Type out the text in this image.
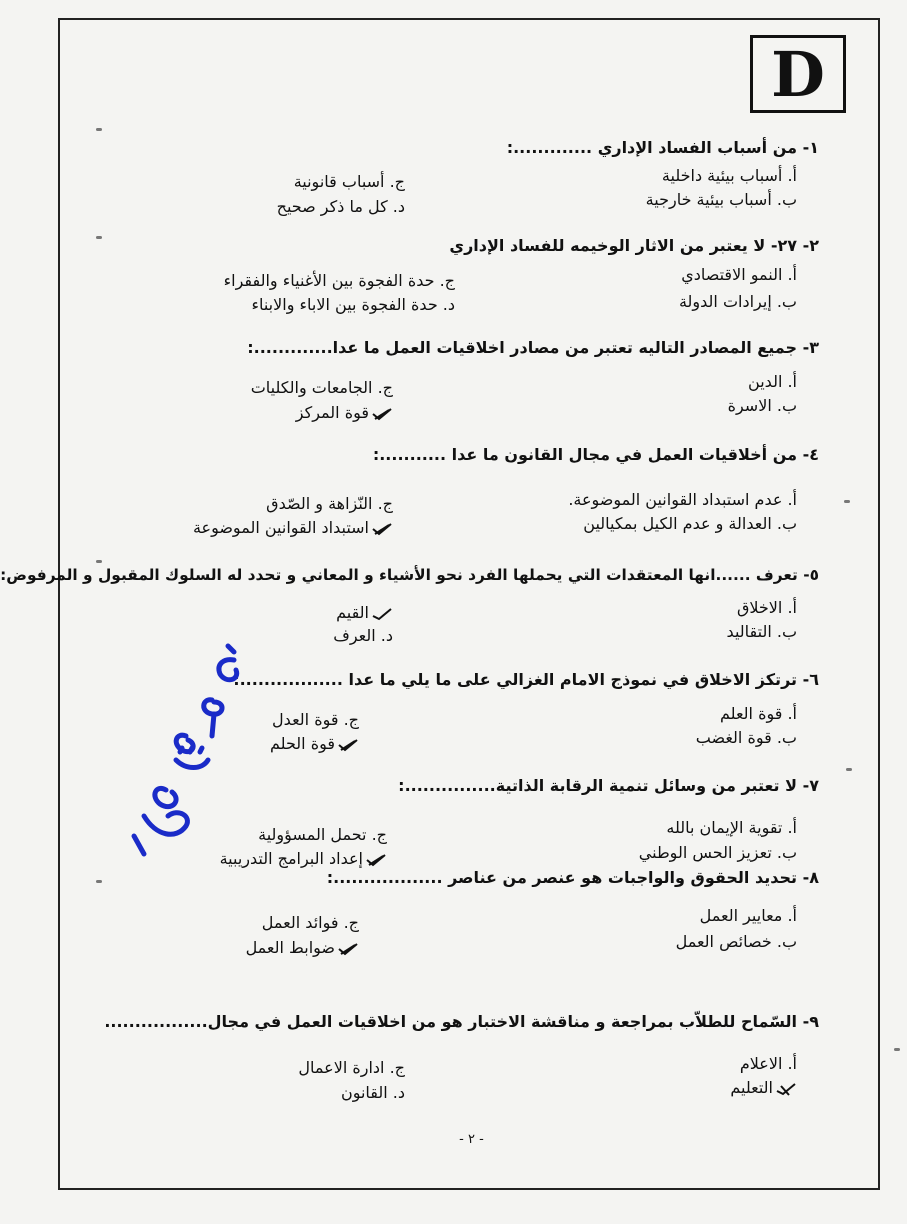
D
١- من أسباب الفساد الإداري .............:
أ. أسباب بيئية داخلية
ب. أسباب بيئية خارجية
ج. أسباب قانونية
د. كل ما ذكر صحيح
٢- ٢٧- لا يعتبر من الاثار الوخيمه للفساد الإداري
أ. النمو الاقتصادي
ب. إيرادات الدولة
ج. حدة الفجوة بين الأغنياء والفقراء
د. حدة الفجوة بين الاباء والابناء
٣- جميع المصادر التاليه تعتبر من مصادر اخلاقيات العمل ما عدا.............:
أ. الدين
ب. الاسرة
ج. الجامعات والكليات
قوة المركز
٤- من أخلاقيات العمل في مجال القانون ما عدا ...........:
أ. عدم استبداد القوانين الموضوعة.
ب. العدالة و عدم الكيل بمكيالين
ج. النّزاهة و الصّدق
استبداد القوانين الموضوعة
٥- تعرف ......انها المعتقدات التي يحملها الفرد نحو الأشياء و المعاني و تحدد له السلوك المقبول و المرفوض:
أ. الاخلاق
ب. التقاليد
القيم
د. العرف
٦- ترتكز الاخلاق في نموذج الامام الغزالي على ما يلي ما عدا .................:
أ. قوة العلم
ب. قوة الغضب
ج. قوة العدل
قوة الحلم
٧- لا تعتبر من وسائل تنمية الرقابة الذاتية...............:
أ. تقوية الإيمان بالله
ب. تعزيز الحس الوطني
ج. تحمل المسؤولية
إعداد البرامج التدريبية
٨- تحديد الحقوق والواجبات هو عنصر من عناصر ..................:
أ. معايير العمل
ب. خصائص العمل
ج. فوائد العمل
ضوابط العمل
٩- السّماح للطلاّب بمراجعة و مناقشة الاختبار هو من اخلاقيات العمل في مجال.................
أ. الاعلام
التعليم
ج. ادارة الاعمال
د. القانون
أبو شمل
- ٢ -
